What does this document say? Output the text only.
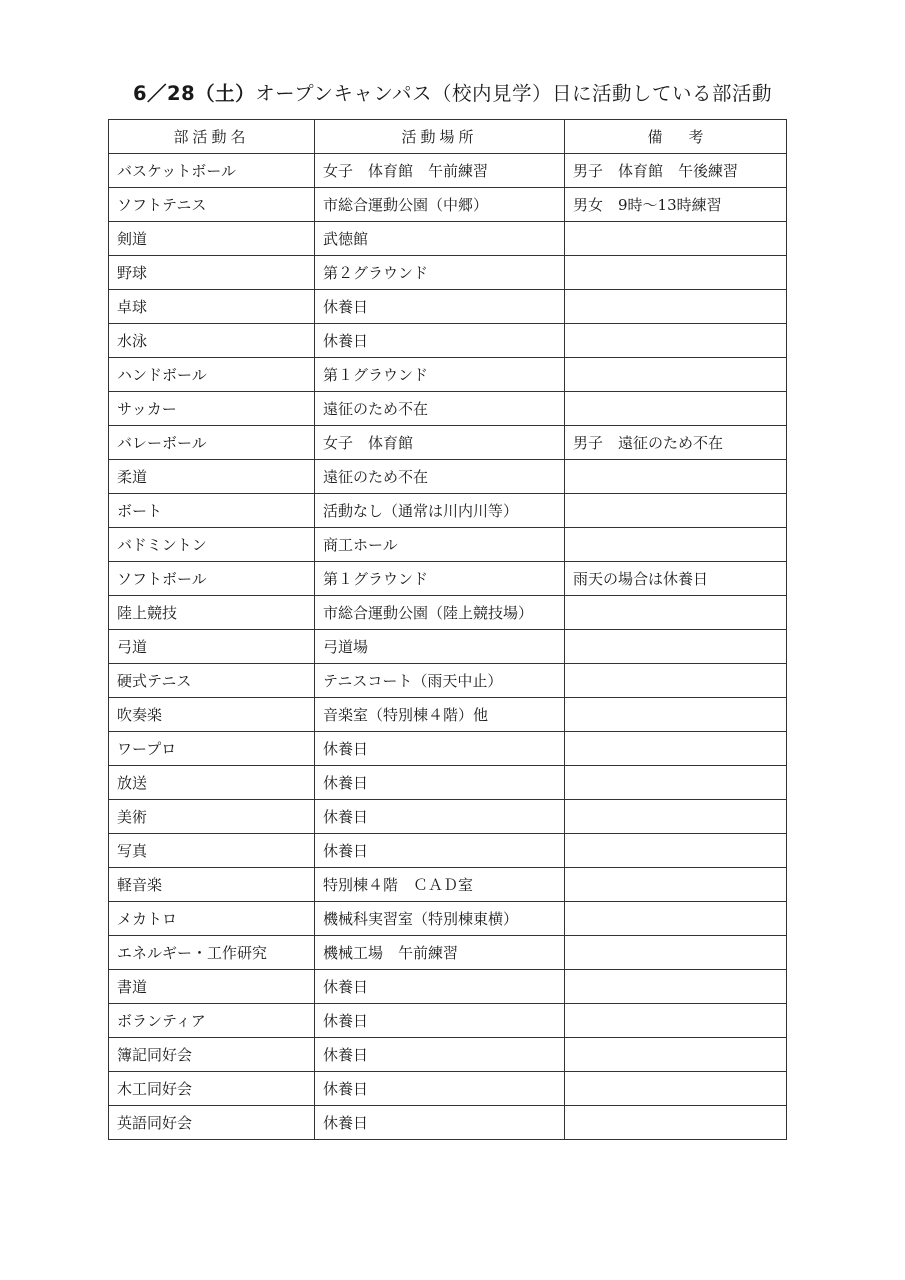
6／28（土）オープンキャンパス（校内見学）日に活動している部活動
部活動名	活動場所	備考
バスケットボール	女子　体育館　午前練習	男子　体育館　午後練習
ソフトテニス	市総合運動公園（中郷）	男女　9時〜13時練習
剣道	武徳館	
野球	第２グラウンド	
卓球	休養日	
水泳	休養日	
ハンドボール	第１グラウンド	
サッカー	遠征のため不在	
バレーボール	女子　体育館	男子　遠征のため不在
柔道	遠征のため不在	
ボート	活動なし（通常は川内川等）	
バドミントン	商工ホール	
ソフトボール	第１グラウンド	雨天の場合は休養日
陸上競技	市総合運動公園（陸上競技場）	
弓道	弓道場	
硬式テニス	テニスコート（雨天中止）	
吹奏楽	音楽室（特別棟４階）他	
ワープロ	休養日	
放送	休養日	
美術	休養日	
写真	休養日	
軽音楽	特別棟４階　ＣＡＤ室	
メカトロ	機械科実習室（特別棟東横）	
エネルギー・工作研究	機械工場　午前練習	
書道	休養日	
ボランティア	休養日	
簿記同好会	休養日	
木工同好会	休養日	
英語同好会	休養日	
